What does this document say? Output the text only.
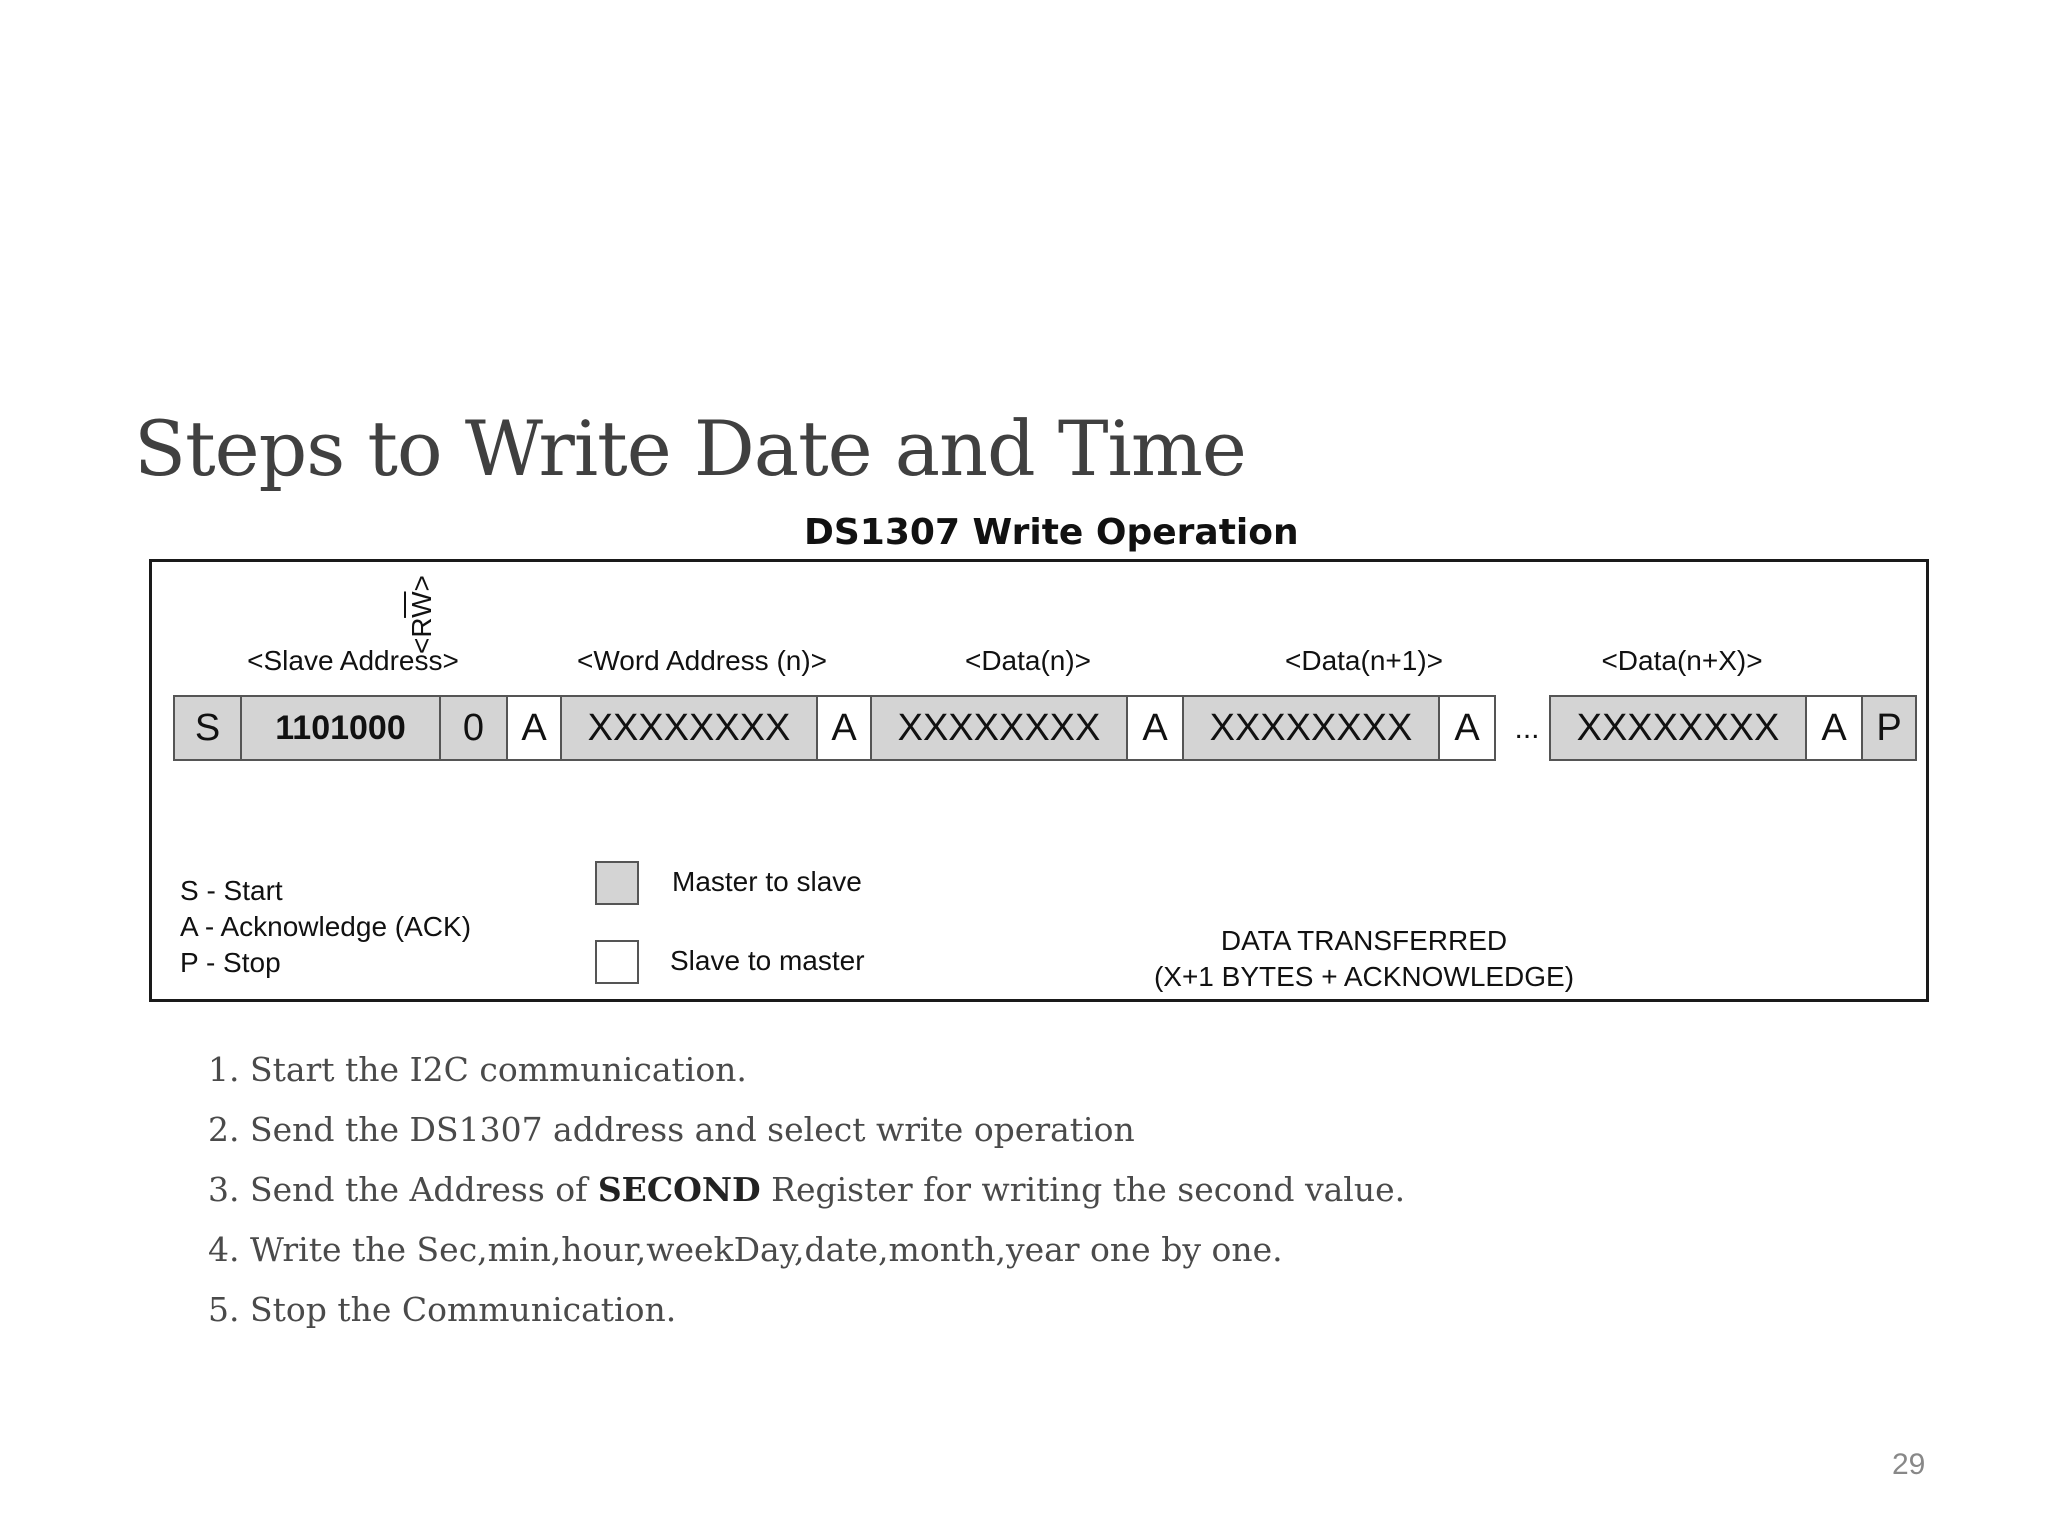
Steps to Write Date and Time
DS1307 Write Operation
<Slave Address>
$<R\overline{W}>$
<Word Address (n)>	<Data(n)>	<Data(n+1)>	<Data(n+X)>
S	1101000	0 A	XXXXXXXX	A	XXXXXXXX	A	XXXXXXXX	A	... XXXXXXXX	A P
S - Start
A - Acknowledge (ACK)
P - Stop
Master to slave
Slave to master
DATA TRANSFERRED
(X+1 BYTES + ACKNOWLEDGE)
1. Start the I2C communication.
2. Send the DS1307 address and select write operation
3. Send the Address of SECOND Register for writing the second value.
4. Write the Sec,min,hour,weekDay,date,month,year one by one.
5. Stop the Communication.
29
